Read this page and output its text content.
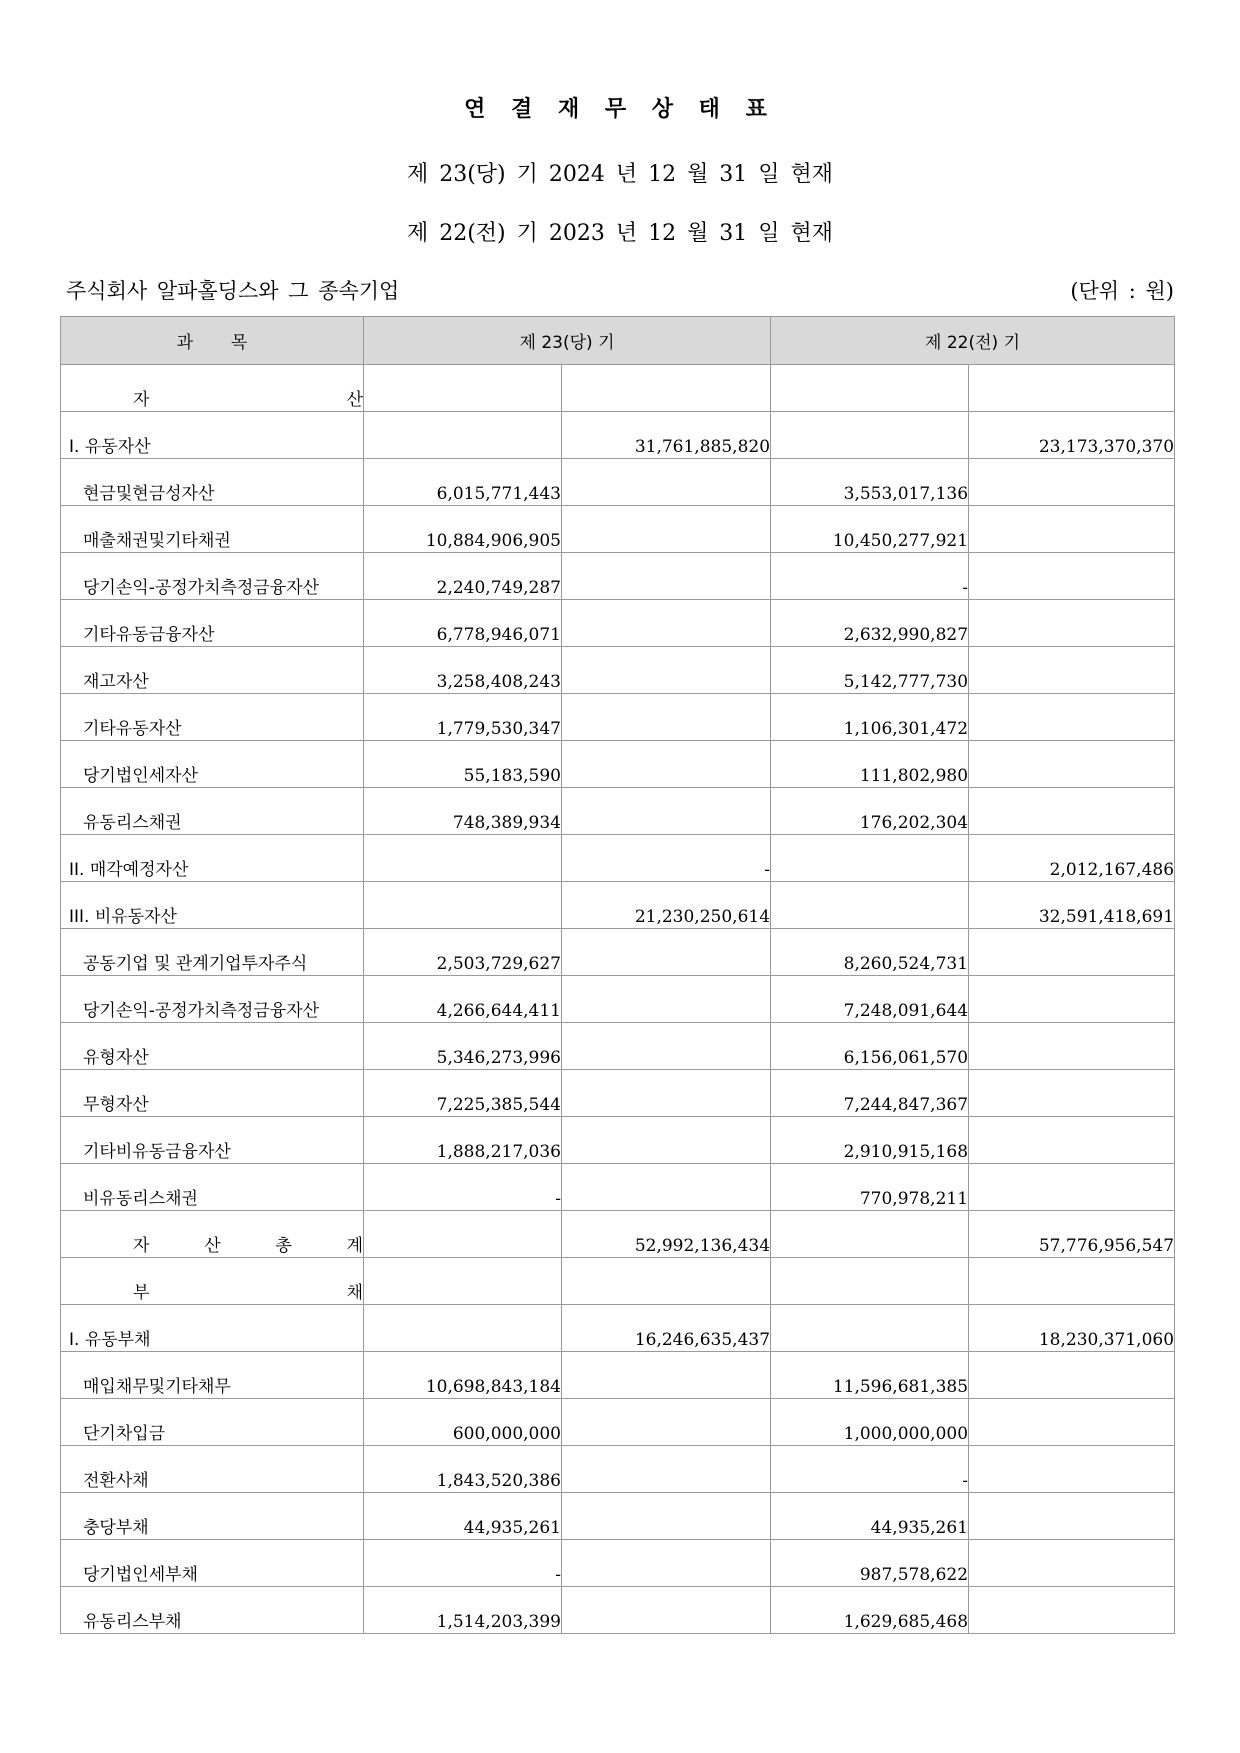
연 결 재 무 상 태 표
제 23(당) 기 2024 년 12 월 31 일 현재
제 22(전) 기 2023 년 12 월 31 일 현재
주식회사 알파홀딩스와 그 종속기업	(단위 : 원)
과       목	제 23(당) 기		제 22(전) 기	

자 산				

I. 유동자산		31,761,885,820		23,173,370,370
현금및현금성자산	6,015,771,443		3,553,017,136	
매출채권및기타채권	10,884,906,905		10,450,277,921	
당기손익-공정가치측정금융자산	2,240,749,287		-	
기타유동금융자산	6,778,946,071		2,632,990,827	
재고자산	3,258,408,243		5,142,777,730	
기타유동자산	1,779,530,347		1,106,301,472	
당기법인세자산	55,183,590		111,802,980	
유동리스채권	748,389,934		176,202,304	
II. 매각예정자산		-		2,012,167,486
III. 비유동자산		21,230,250,614		32,591,418,691
공동기업 및 관계기업투자주식	2,503,729,627		8,260,524,731	
당기손익-공정가치측정금융자산	4,266,644,411		7,248,091,644	
유형자산	5,346,273,996		6,156,061,570	
무형자산	7,225,385,544		7,244,847,367	
기타비유동금융자산	1,888,217,036		2,910,915,168	
비유동리스채권	-		770,978,211	

자 산 총 계		52,992,136,434		57,776,956,547

부 채				

I. 유동부채		16,246,635,437		18,230,371,060
매입채무및기타채무	10,698,843,184		11,596,681,385	
단기차입금	600,000,000		1,000,000,000	
전환사채	1,843,520,386		-	
충당부채	44,935,261		44,935,261	
당기법인세부채	-		987,578,622	
유동리스부채	1,514,203,399		1,629,685,468	
